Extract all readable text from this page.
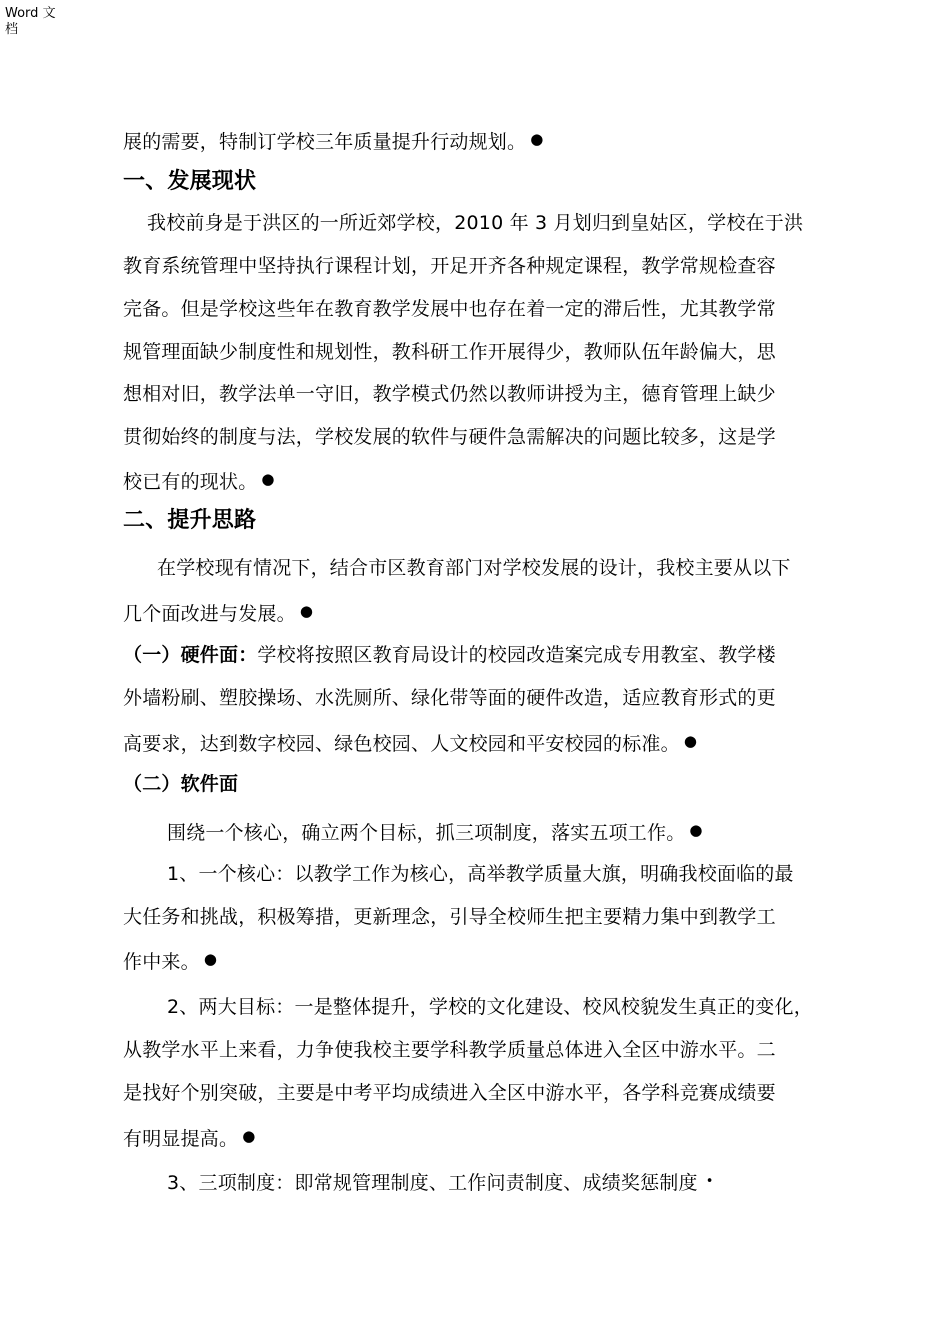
Word 文
档
展的需要，特制订学校三年质量提升行动规划。 ●
一、发展现状
我校前身是于洪区的一所近郊学校，2010 年 3 月划归到皇姑区，学校在于洪
教育系统管理中坚持执行课程计划，开足开齐各种规定课程，教学常规检查容
完备。但是学校这些年在教育教学发展中也存在着一定的滞后性，尤其教学常
规管理面缺少制度性和规划性，教科研工作开展得少，教师队伍年龄偏大，思
想相对旧，教学法单一守旧，教学模式仍然以教师讲授为主，德育管理上缺少
贯彻始终的制度与法，学校发展的软件与硬件急需解决的问题比较多，这是学
校已有的现状。 ●
二、提升思路
在学校现有情况下，结合市区教育部门对学校发展的设计，我校主要从以下
几个面改进与发展。 ●
（一）硬件面：学校将按照区教育局设计的校园改造案完成专用教室、教学楼
外墙粉刷、塑胶操场、水洗厕所、绿化带等面的硬件改造，适应教育形式的更
高要求，达到数字校园、绿色校园、人文校园和平安校园的标准。 ●
（二）软件面
围绕一个核心，确立两个目标，抓三项制度，落实五项工作。 ●
1、一个核心：以教学工作为核心，高举教学质量大旗，明确我校面临的最
大任务和挑战，积极筹措，更新理念，引导全校师生把主要精力集中到教学工
作中来。 ●
2、两大目标：一是整体提升，学校的文化建设、校风校貌发生真正的变化，
从教学水平上来看，力争使我校主要学科教学质量总体进入全区中游水平。二
是找好个别突破，主要是中考平均成绩进入全区中游水平，各学科竞赛成绩要
有明显提高。 ●
3、三项制度：即常规管理制度、工作问责制度、成绩奖惩制度 •
